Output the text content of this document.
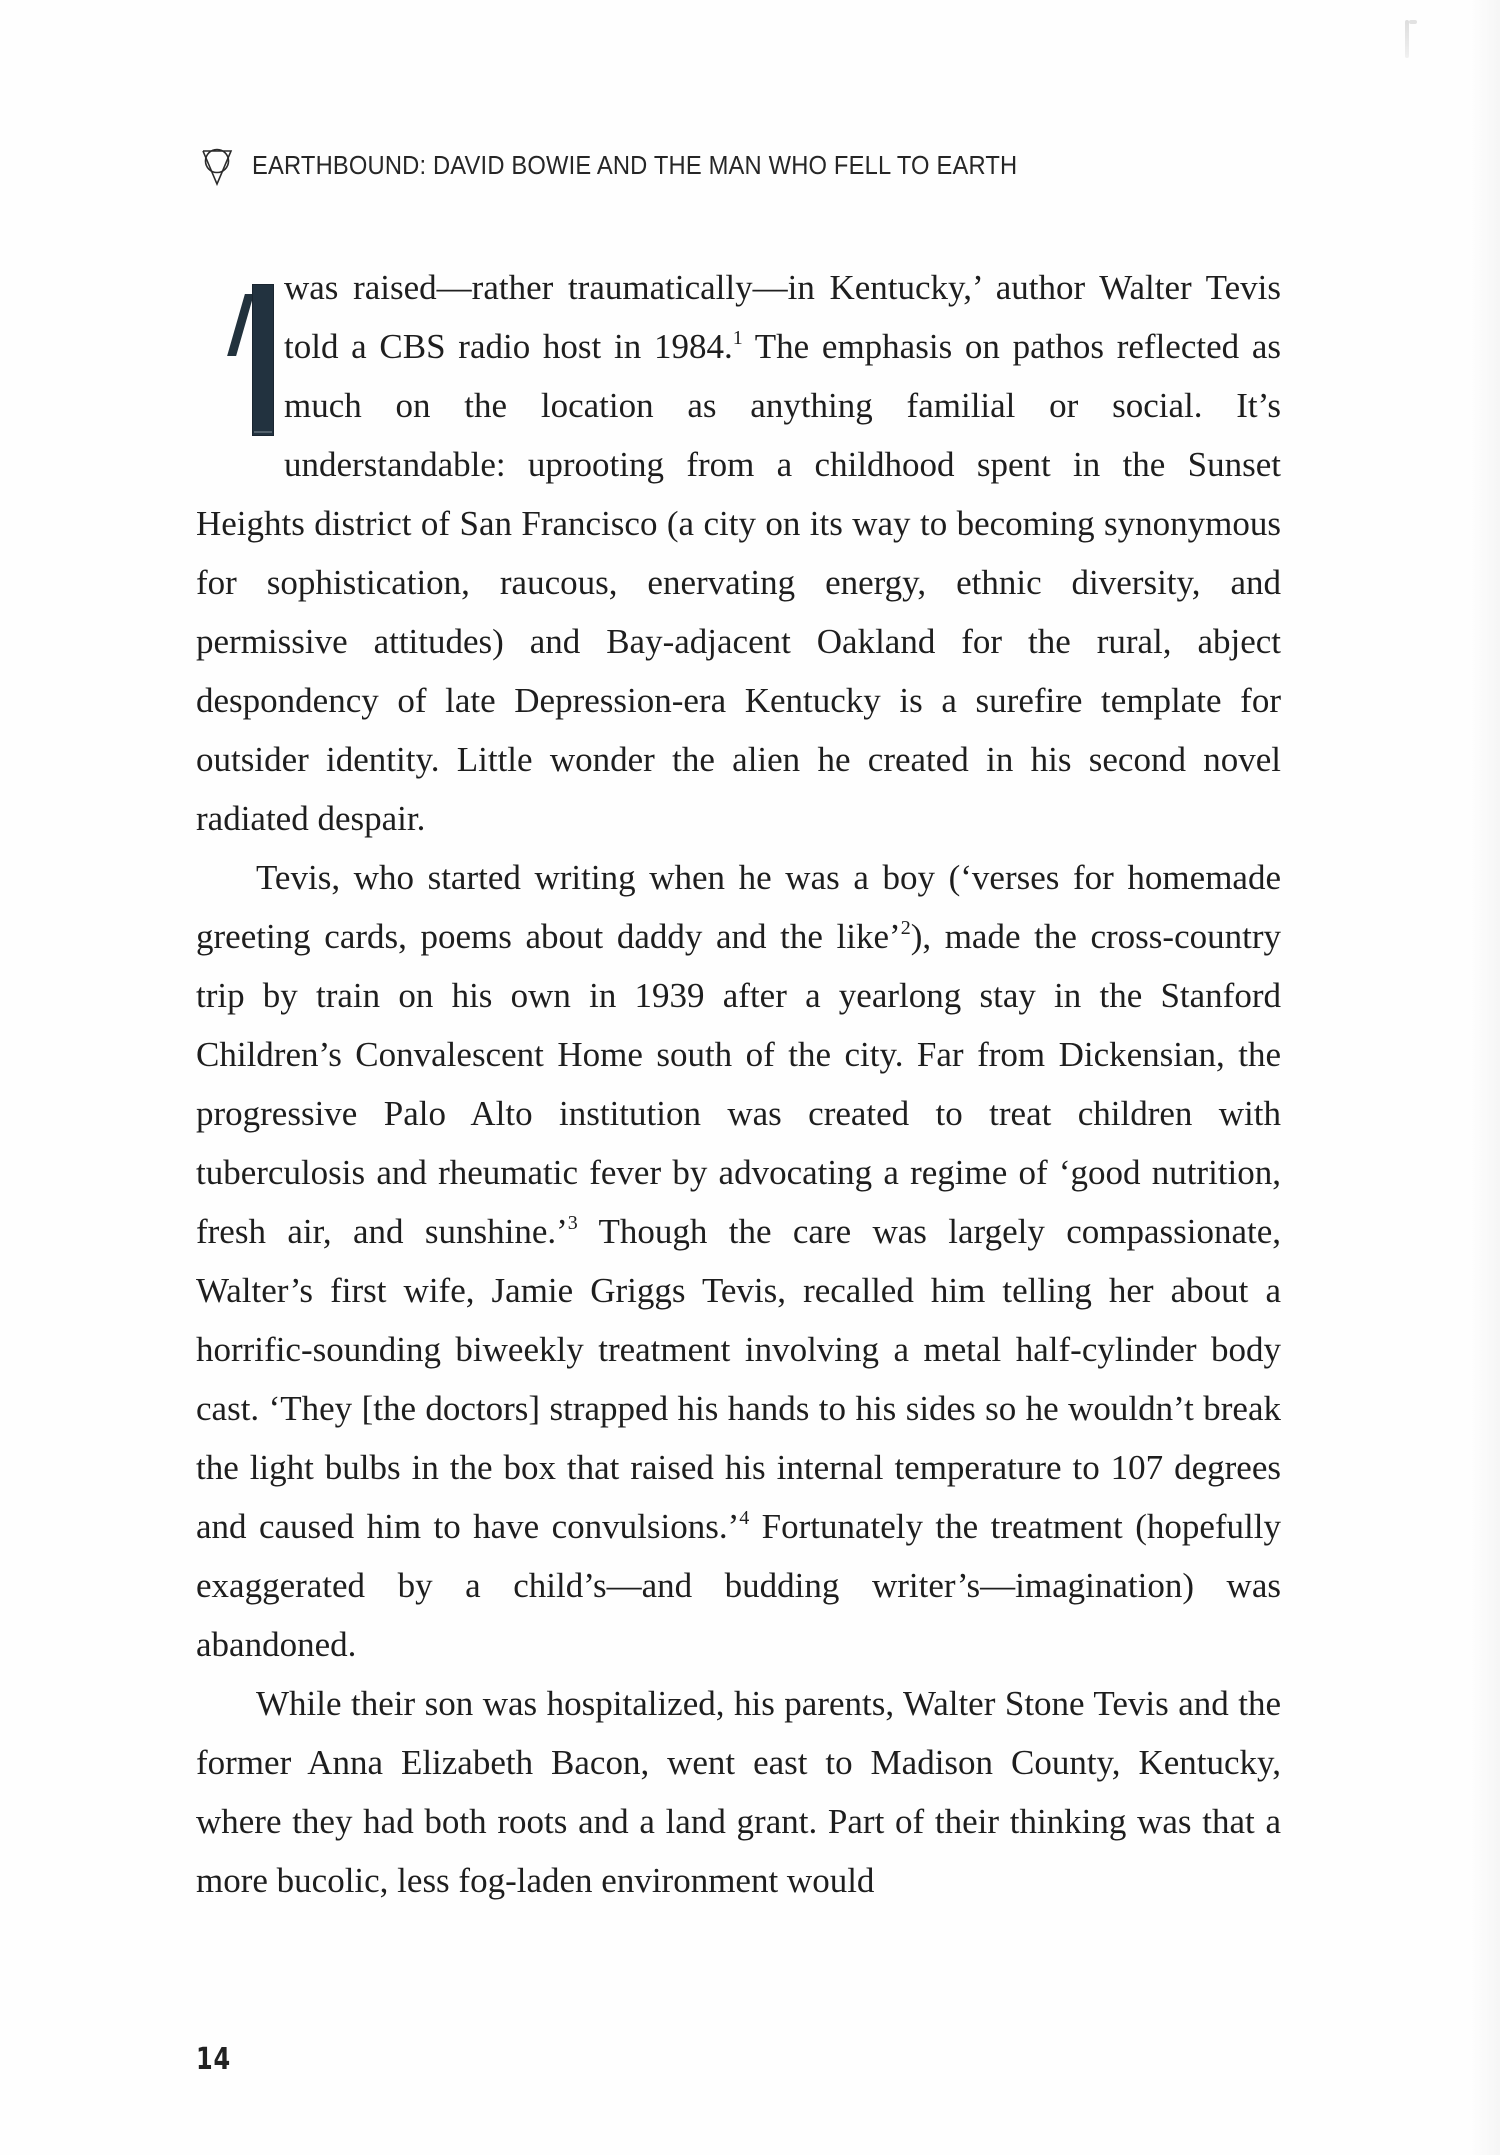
EARTHBOUND: DAVID BOWIE AND THE MAN WHO FELL TO EARTH

was raised—rather traumatically—in Kentucky,’ author Walter Tevis told a CBS radio host in 1984.$^1$ The emphasis on pathos reflected as much on the location as anything familial or social. It’s understandable: uprooting from a childhood spent in the Sunset Heights district of San Francisco (a city on its way to becoming synonymous for sophistication, raucous, enervating energy, ethnic diversity, and permissive attitudes) and Bay-adjacent Oakland for the rural, abject despondency of late Depression-era Kentucky is a surefire template for outsider identity. Little wonder the alien he created in his second novel radiated despair.

Tevis, who started writing when he was a boy (‘verses for homemade greeting cards, poems about daddy and the like’$^2$), made the cross-country trip by train on his own in 1939 after a yearlong stay in the Stanford Children’s Convalescent Home south of the city. Far from Dickensian, the progressive Palo Alto institution was created to treat children with tuberculosis and rheumatic fever by advocating a regime of ‘good nutrition, fresh air, and sunshine.’$^3$ Though the care was largely compassionate, Walter’s first wife, Jamie Griggs Tevis, recalled him telling her about a horrific-sounding biweekly treatment involving a metal half-cylinder body cast. ‘They [the doctors] strapped his hands to his sides so he wouldn’t break the light bulbs in the box that raised his internal temperature to 107 degrees and caused him to have convulsions.’$^4$ Fortunately the treatment (hopefully exaggerated by a child’s—and budding writer’s—imagination) was abandoned.

While their son was hospitalized, his parents, Walter Stone Tevis and the former Anna Elizabeth Bacon, went east to Madison County, Kentucky, where they had both roots and a land grant. Part of their thinking was that a more bucolic, less fog-laden environment would

14
